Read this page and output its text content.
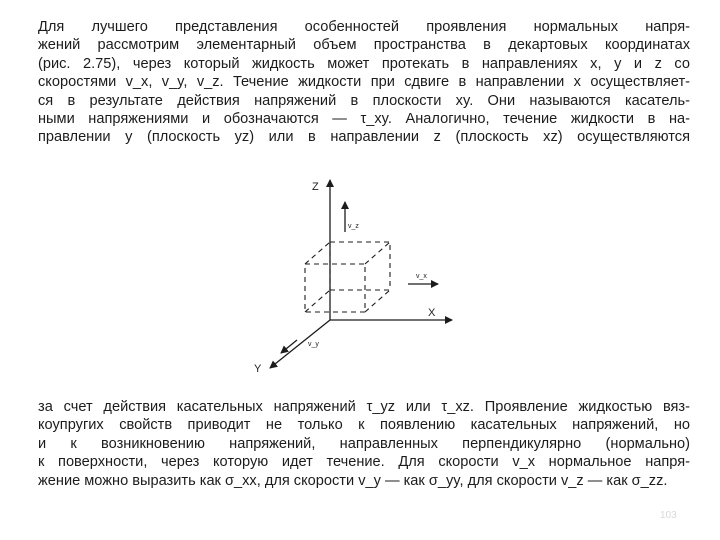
Для лучшего представления особенностей проявления нормальных напря-
жений рассмотрим элементарный объем пространства в декартовых координатах
(рис. 2.75), через который жидкость может протекать в направлениях x, y и z со
скоростями v_x, v_y, v_z. Течение жидкости при сдвиге в направлении x осуществляет-
ся в результате действия напряжений в плоскости xy. Они называются касатель-
ными напряжениями и обозначаются — τ_xy. Аналогично, течение жидкости в на-
правлении y (плоскость yz) или в направлении z (плоскость xz) осуществляются
Z
X
Y
v_z
v_x
v_y
за счет действия касательных напряжений τ_yz или τ_xz. Проявление жидкостью вяз-
коупругих свойств приводит не только к появлению касательных напряжений, но
и к возникновению напряжений, направленных перпендикулярно (нормально)
к поверхности, через которую идет течение. Для скорости v_x нормальное напря-
жение можно выразить как σ_xx, для скорости v_y — как σ_yy, для скорости v_z — как σ_zz.
103
